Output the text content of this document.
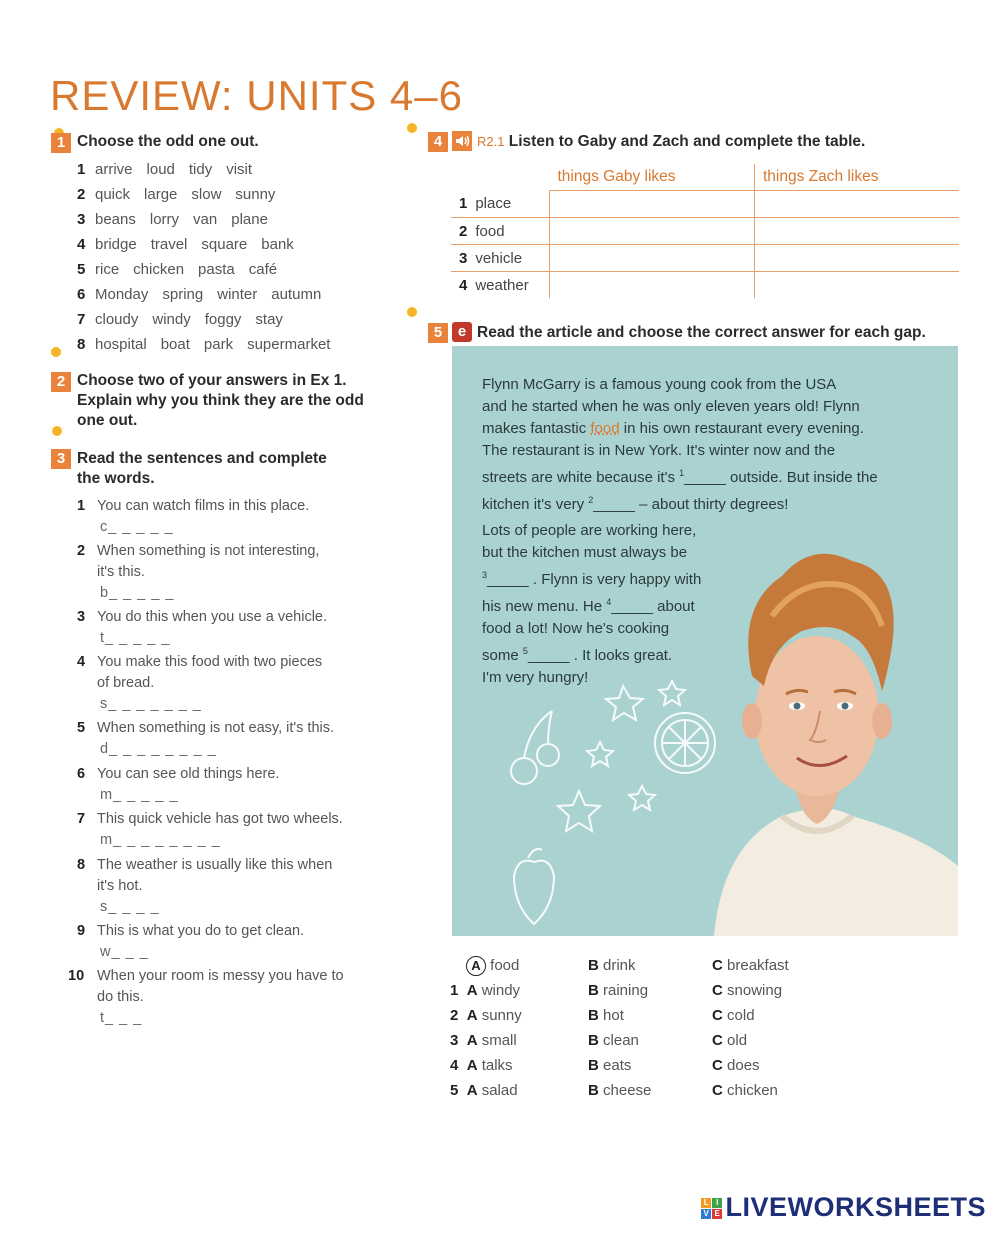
REVIEW: UNITS 4–6
1 Choose the odd one out.
1 arrive loud tidy visit
2 quick large slow sunny
3 beans lorry van plane
4 bridge travel square bank
5 rice chicken pasta café
6 Monday spring winter autumn
7 cloudy windy foggy stay
8 hospital boat park supermarket
2 Choose two of your answers in Ex 1.
Explain why you think they are the odd
one out.
3 Read the sentences and complete
the words.
1 You can watch films in this place.
c_ _ _ _ _
2 When something is not interesting,
it's this.
b_ _ _ _ _
3 You do this when you use a vehicle.
t_ _ _ _ _
4 You make this food with two pieces
of bread.
s_ _ _ _ _ _ _
5 When something is not easy, it's this.
d_ _ _ _ _ _ _ _
6 You can see old things here.
m_ _ _ _ _
7 This quick vehicle has got two wheels.
m_ _ _ _ _ _ _ _
8 The weather is usually like this when
it's hot.
s_ _ _ _
9 This is what you do to get clean.
w_ _ _
10 When your room is messy you have to
do this.
t_ _ _
4	R2.1 Listen to Gaby and Zach and complete the table.
	things Gaby likes	things Zach likes
1 place		
2 food		
3 vehicle		
4 weather		
5	e Read the article and choose the correct answer for each gap.
Flynn McGarry is a famous young cook from the USA
and he started when he was only eleven years old! Flynn
makes fantastic food in his own restaurant every evening.
The restaurant is in New York. It's winter now and the
streets are white because it's $^1$_____ outside. But inside the
kitchen it's very $^2$_____ – about thirty degrees!
Lots of people are working here,
but the kitchen must always be
$^3$_____ . Flynn is very happy with
his new menu. He $^4$_____ about
food a lot! Now he's cooking
some $^5$_____ . It looks great.
I'm very hungry!
A food	B drink	C breakfast
1 A windy	B raining	C snowing
2 A sunny	B hot	C cold
3 A small	B clean	C old
4 A talks	B eats	C does
5 A salad	B cheese	C chicken
L I
V E LIVEWORKSHEETS
